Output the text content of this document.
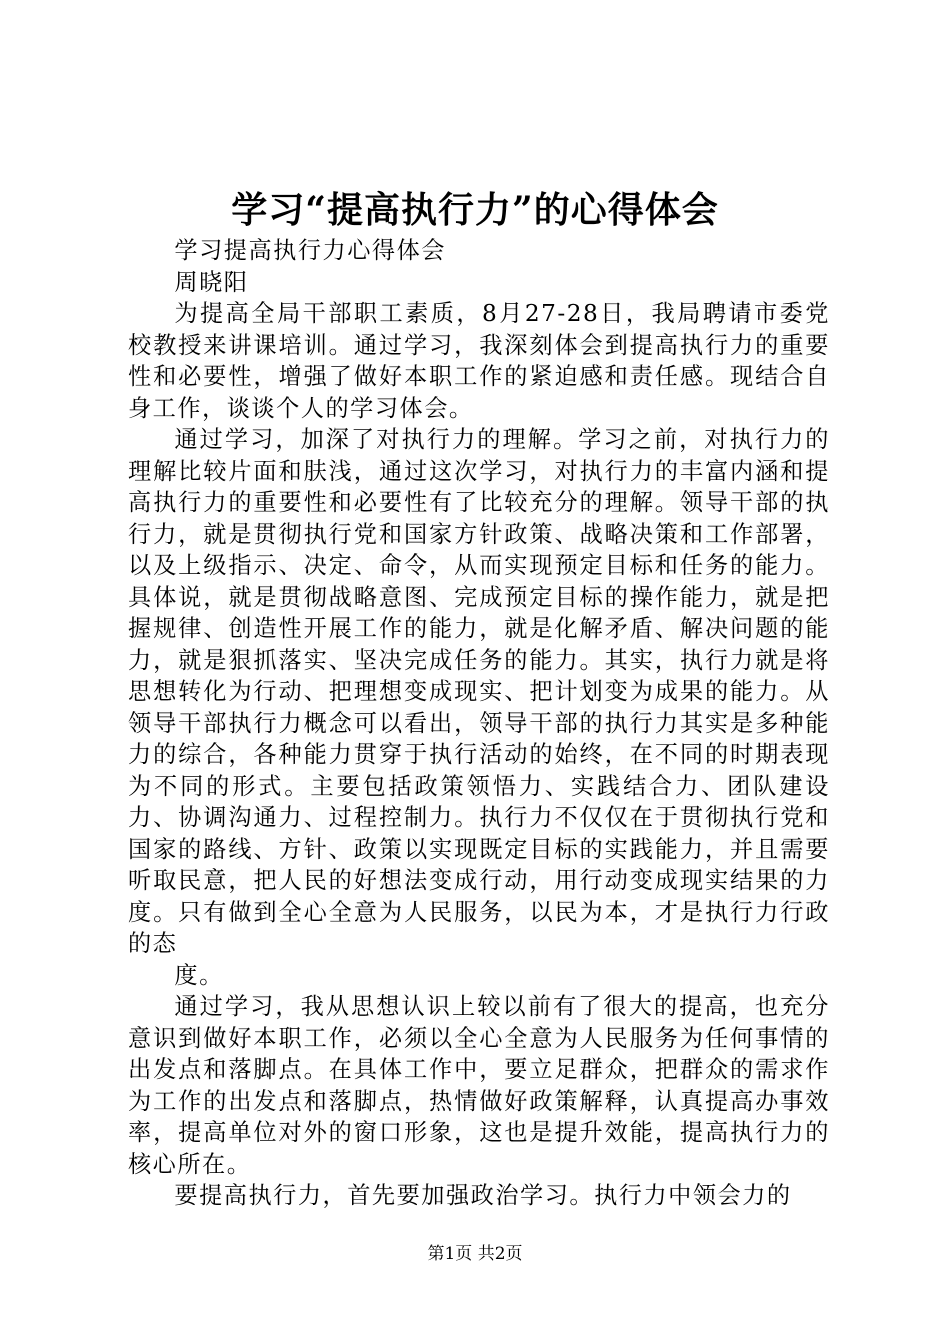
学习“提高执行力”的心得体会

学习提高执行力心得体会

周晓阳

为提高全局干部职工素质，8月27-28日，我局聘请市委党校教授来讲课培训。通过学习，我深刻体会到提高执行力的重要性和必要性，增强了做好本职工作的紧迫感和责任感。现结合自身工作，谈谈个人的学习体会。

通过学习，加深了对执行力的理解。学习之前，对执行力的理解比较片面和肤浅，通过这次学习，对执行力的丰富内涵和提高执行力的重要性和必要性有了比较充分的理解。领导干部的执行力，就是贯彻执行党和国家方针政策、战略决策和工作部署，以及上级指示、决定、命令，从而实现预定目标和任务的能力。具体说，就是贯彻战略意图、完成预定目标的操作能力，就是把握规律、创造性开展工作的能力，就是化解矛盾、解决问题的能力，就是狠抓落实、坚决完成任务的能力。其实，执行力就是将思想转化为行动、把理想变成现实、把计划变为成果的能力。从领导干部执行力概念可以看出，领导干部的执行力其实是多种能力的综合，各种能力贯穿于执行活动的始终，在不同的时期表现为不同的形式。主要包括政策领悟力、实践结合力、团队建设力、协调沟通力、过程控制力。执行力不仅仅在于贯彻执行党和国家的路线、方针、政策以实现既定目标的实践能力，并且需要听取民意，把人民的好想法变成行动，用行动变成现实结果的力度。只有做到全心全意为人民服务，以民为本，才是执行力行政的态

度。

通过学习，我从思想认识上较以前有了很大的提高，也充分意识到做好本职工作，必须以全心全意为人民服务为任何事情的出发点和落脚点。在具体工作中，要立足群众，把群众的需求作为工作的出发点和落脚点，热情做好政策解释，认真提高办事效率，提高单位对外的窗口形象，这也是提升效能，提高执行力的核心所在。

要提高执行力，首先要加强政治学习。执行力中领会力的

第1页 共2页
